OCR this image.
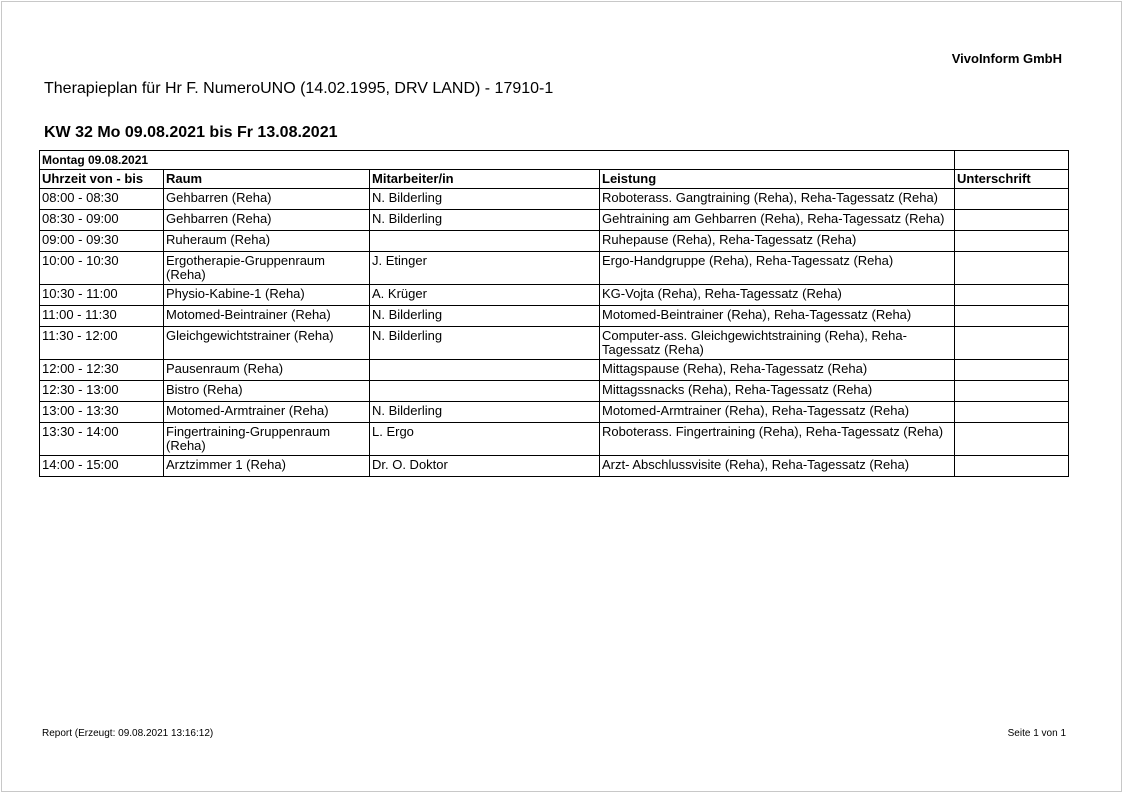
VivoInform GmbH
Therapieplan für Hr F. NumeroUNO (14.02.1995, DRV LAND) - 17910-1
KW 32 Mo 09.08.2021 bis Fr 13.08.2021
Montag 09.08.2021				
Uhrzeit von - bis	Raum	Mitarbeiter/in	Leistung	Unterschrift
08:00 - 08:30	Gehbarren (Reha)	N. Bilderling	Roboterass. Gangtraining (Reha), Reha-Tagessatz (Reha)	
08:30 - 09:00	Gehbarren (Reha)	N. Bilderling	Gehtraining am Gehbarren (Reha), Reha-Tagessatz (Reha)	
09:00 - 09:30	Ruheraum (Reha)		Ruhepause (Reha), Reha-Tagessatz (Reha)	
10:00 - 10:30	Ergotherapie-Gruppenraum (Reha)	J. Etinger	Ergo-Handgruppe (Reha), Reha-Tagessatz (Reha)	
10:30 - 11:00	Physio-Kabine-1 (Reha)	A. Krüger	KG-Vojta (Reha), Reha-Tagessatz (Reha)	
11:00 - 11:30	Motomed-Beintrainer (Reha)	N. Bilderling	Motomed-Beintrainer (Reha), Reha-Tagessatz (Reha)	
11:30 - 12:00	Gleichgewichtstrainer (Reha)	N. Bilderling	Computer-ass. Gleichgewichtstraining (Reha), Reha-Tagessatz (Reha)	
12:00 - 12:30	Pausenraum (Reha)		Mittagspause (Reha), Reha-Tagessatz (Reha)	
12:30 - 13:00	Bistro (Reha)		Mittagssnacks (Reha), Reha-Tagessatz (Reha)	
13:00 - 13:30	Motomed-Armtrainer (Reha)	N. Bilderling	Motomed-Armtrainer (Reha), Reha-Tagessatz (Reha)	
13:30 - 14:00	Fingertraining-Gruppenraum (Reha)	L. Ergo	Roboterass. Fingertraining (Reha), Reha-Tagessatz (Reha)	
14:00 - 15:00	Arztzimmer 1 (Reha)	Dr. O. Doktor	Arzt- Abschlussvisite (Reha), Reha-Tagessatz (Reha)	
Report (Erzeugt: 09.08.2021 13:16:12)	Seite 1 von 1
